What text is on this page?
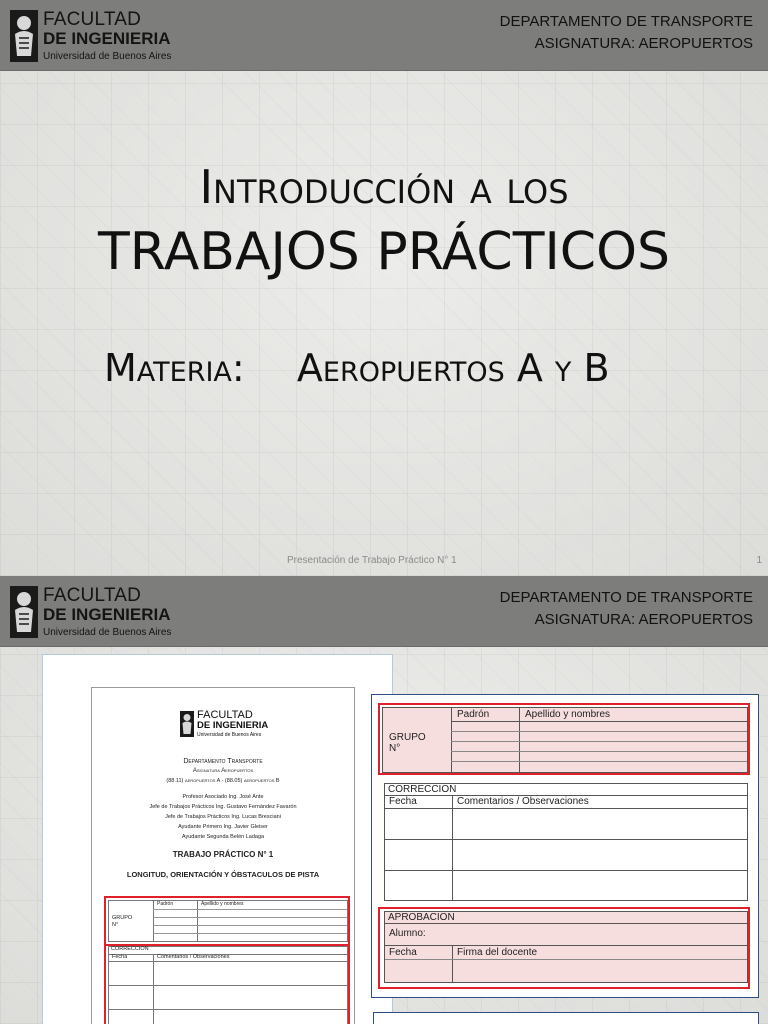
FACULTAD
DE INGENIERIA
Universidad de Buenos Aires
DEPARTAMENTO DE TRANSPORTE
ASIGNATURA: AEROPUERTOS
Introducción a los
TRABAJOS PRÁCTICOS
Materia: Aeropuertos A y B
Presentación de Trabajo Práctico N° 1	1
FACULTAD
DE INGENIERIA
Universidad de Buenos Aires
DEPARTAMENTO DE TRANSPORTE
ASIGNATURA: AEROPUERTOS
FACULTAD
DE INGENIERIA
Universidad de Buenos Aires
Departamento Transporte
Asignatura Aeropuertos
(88.11) aeropuertos A - (88.05) aeropuertos B
Profesor Asociado Ing. José Ante
Jefe de Trabajos Prácticos Ing. Gustavo Fernández Favarón
Jefe de Trabajos Prácticos Ing. Lucas Bresciani
Ayudante Primero Ing. Javier Gleiser
Ayudante Segunda Belén Ladaga
TRABAJO PRÁCTICO N° 1
LONGITUD, ORIENTACIÓN Y ÓBSTACULOS DE PISTA
Padrón	Apellido y nombres
GRUPO
N°
CORRECCION
Fecha	Comentarios / Observaciones
Padrón	Apellido y nombres
GRUPO
N°
CORRECCION
Fecha	Comentarios / Observaciones
APROBACION
Alumno:
Fecha	Firma del docente
